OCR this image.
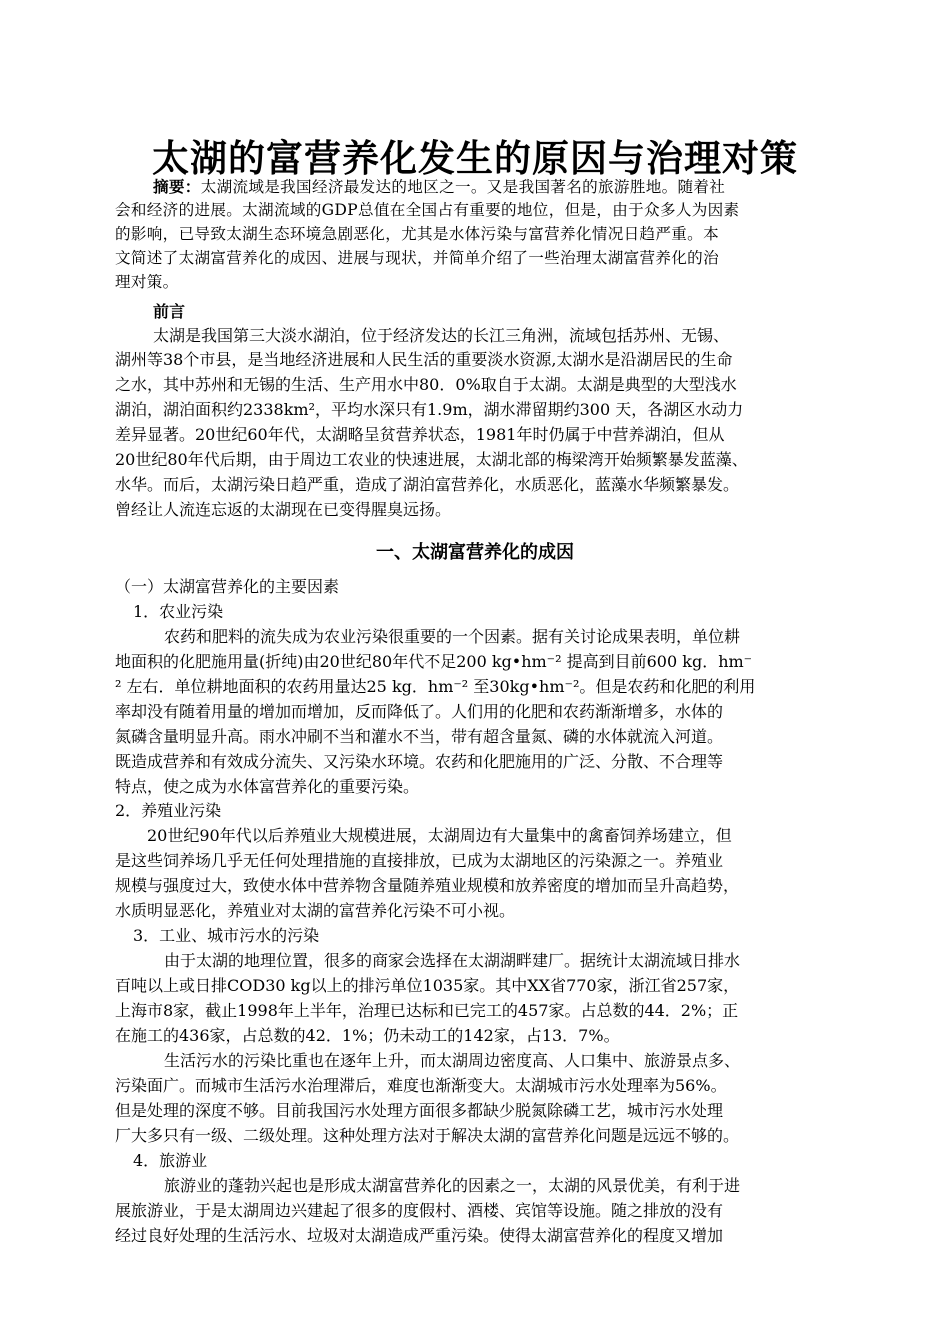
太湖的富营养化发生的原因与治理对策
摘要：太湖流域是我国经济最发达的地区之一。又是我国著名的旅游胜地。随着社
会和经济的进展。太湖流域的GDP总值在全国占有重要的地位，但是，由于众多人为因素
的影响，已导致太湖生态环境急剧恶化，尤其是水体污染与富营养化情况日趋严重。本
文简述了太湖富营养化的成因、进展与现状，并简单介绍了一些治理太湖富营养化的治
理对策。
前言
太湖是我国第三大淡水湖泊，位于经济发达的长江三角洲，流域包括苏州、无锡、
湖州等38个市县，是当地经济进展和人民生活的重要淡水资源,太湖水是沿湖居民的生命
之水，其中苏州和无锡的生活、生产用水中80．0%取自于太湖。太湖是典型的大型浅水
湖泊，湖泊面积约2338km²，平均水深只有1.9m，湖水滞留期约300 天，各湖区水动力
差异显著。20世纪60年代，太湖略呈贫营养状态，1981年时仍属于中营养湖泊，但从
20世纪80年代后期，由于周边工农业的快速进展，太湖北部的梅梁湾开始频繁暴发蓝藻、
水华。而后，太湖污染日趋严重，造成了湖泊富营养化，水质恶化，蓝藻水华频繁暴发。
曾经让人流连忘返的太湖现在已变得腥臭远扬。
一、太湖富营养化的成因
（一）太湖富营养化的主要因素
1．农业污染
农药和肥料的流失成为农业污染很重要的一个因素。据有关讨论成果表明，单位耕
地面积的化肥施用量(折纯)由20世纪80年代不足200 kg•hm⁻² 提高到目前600 kg．hm⁻
² 左右．单位耕地面积的农药用量达25 kg．hm⁻² 至30kg•hm⁻²。但是农药和化肥的利用
率却没有随着用量的增加而增加，反而降低了。人们用的化肥和农药渐渐增多，水体的
氮磷含量明显升高。雨水冲刷不当和灌水不当，带有超含量氮、磷的水体就流入河道。
既造成营养和有效成分流失、又污染水环境。农药和化肥施用的广泛、分散、不合理等
特点，使之成为水体富营养化的重要污染。
2．养殖业污染
20世纪90年代以后养殖业大规模进展，太湖周边有大量集中的禽畜饲养场建立，但
是这些饲养场几乎无任何处理措施的直接排放，已成为太湖地区的污染源之一。养殖业
规模与强度过大，致使水体中营养物含量随养殖业规模和放养密度的增加而呈升高趋势，
水质明显恶化，养殖业对太湖的富营养化污染不可小视。
3．工业、城市污水的污染
由于太湖的地理位置，很多的商家会选择在太湖湖畔建厂。据统计太湖流域日排水
百吨以上或日排COD30 kg以上的排污单位1035家。其中XX省770家，浙江省257家，
上海市8家，截止1998年上半年，治理已达标和已完工的457家。占总数的44．2%；正
在施工的436家，占总数的42．1%；仍未动工的142家，占13．7%。
生活污水的污染比重也在逐年上升，而太湖周边密度高、人口集中、旅游景点多、
污染面广。而城市生活污水治理滞后，难度也渐渐变大。太湖城市污水处理率为56%。
但是处理的深度不够。目前我国污水处理方面很多都缺少脱氮除磷工艺，城市污水处理
厂大多只有一级、二级处理。这种处理方法对于解决太湖的富营养化问题是远远不够的。
4．旅游业
旅游业的蓬勃兴起也是形成太湖富营养化的因素之一，太湖的风景优美，有利于进
展旅游业，于是太湖周边兴建起了很多的度假村、酒楼、宾馆等设施。随之排放的没有
经过良好处理的生活污水、垃圾对太湖造成严重污染。使得太湖富营养化的程度又增加
